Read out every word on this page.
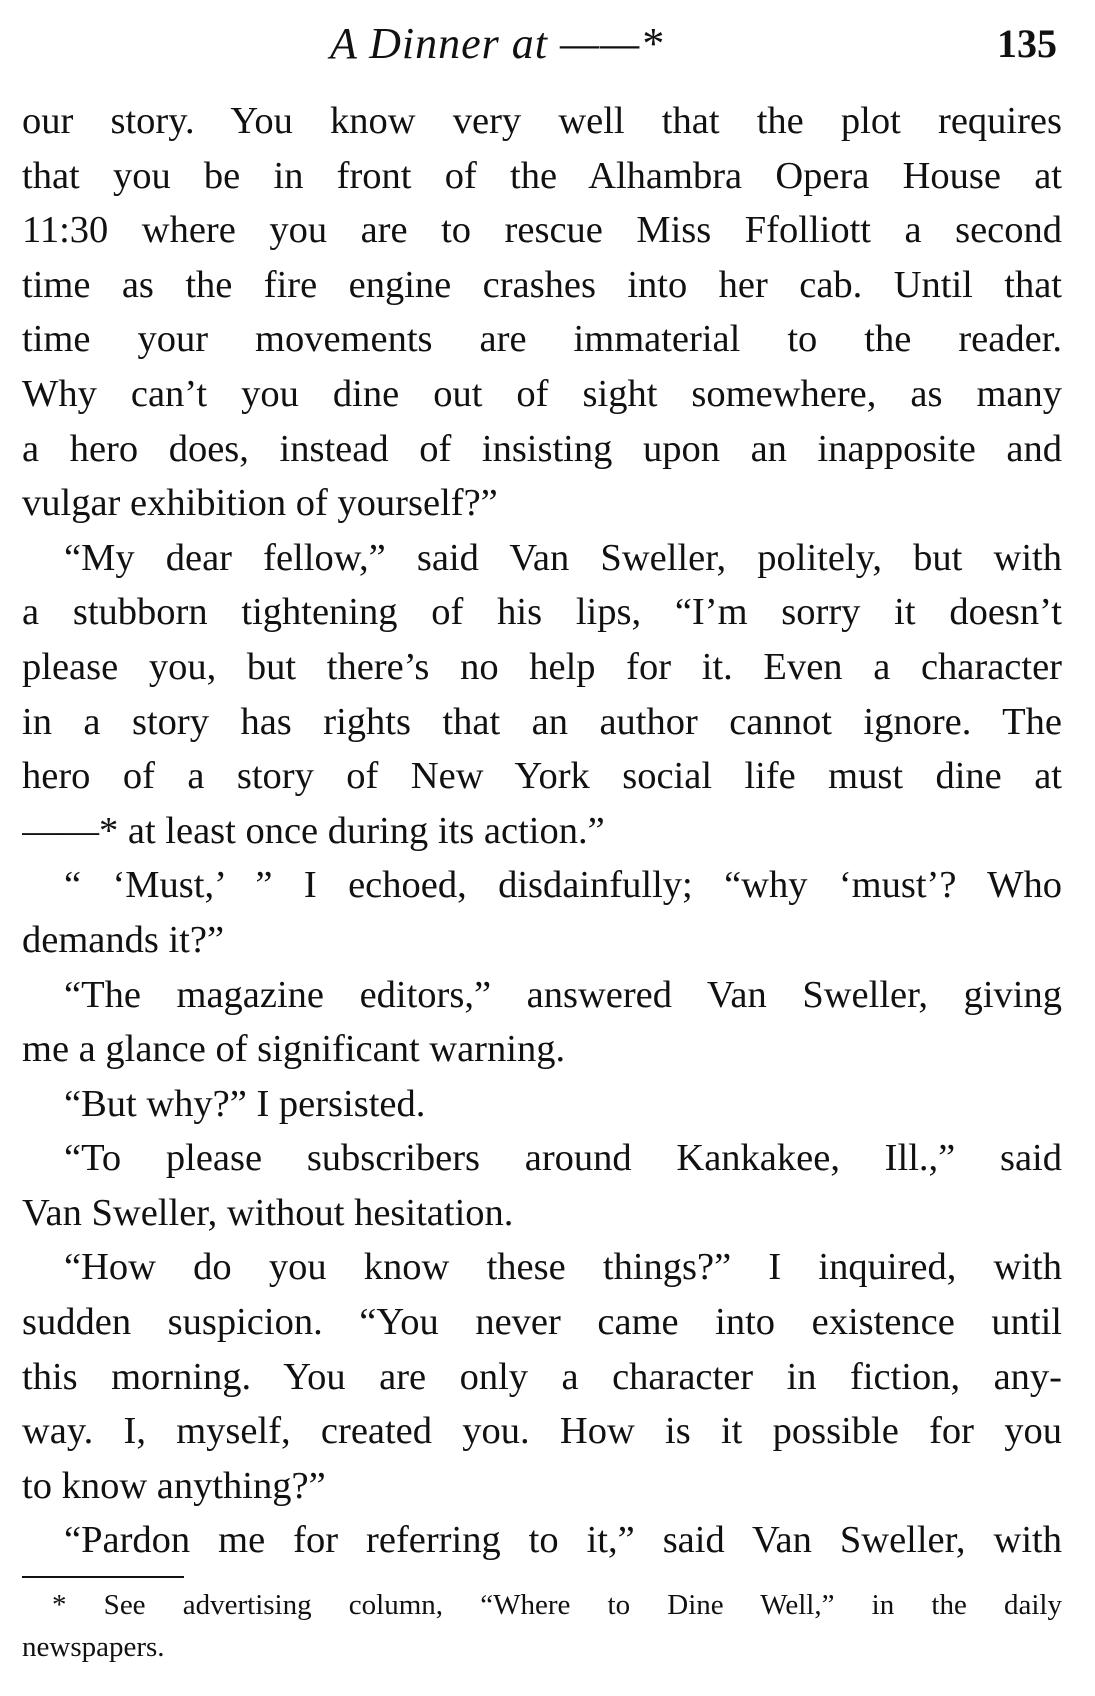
A Dinner at ——*	135
our story. You know very well that the plot requires
that you be in front of the Alhambra Opera House at
11:30 where you are to rescue Miss Ffolliott a second
time as the fire engine crashes into her cab. Until that
time your movements are immaterial to the reader.
Why can’t you dine out of sight somewhere, as many
a hero does, instead of insisting upon an inapposite and
vulgar exhibition of yourself?”
“My dear fellow,” said Van Sweller, politely, but with
a stubborn tightening of his lips, “I’m sorry it doesn’t
please you, but there’s no help for it. Even a character
in a story has rights that an author cannot ignore. The
hero of a story of New York social life must dine at
——* at least once during its action.”
“ ‘Must,’ ” I echoed, disdainfully; “why ‘must’? Who
demands it?”
“The magazine editors,” answered Van Sweller, giving
me a glance of significant warning.
“But why?” I persisted.
“To please subscribers around Kankakee, Ill.,” said
Van Sweller, without hesitation.
“How do you know these things?” I inquired, with
sudden suspicion. “You never came into existence until
this morning. You are only a character in fiction, any-
way. I, myself, created you. How is it possible for you
to know anything?”
“Pardon me for referring to it,” said Van Sweller, with
* See advertising column, “Where to Dine Well,” in the daily
newspapers.
